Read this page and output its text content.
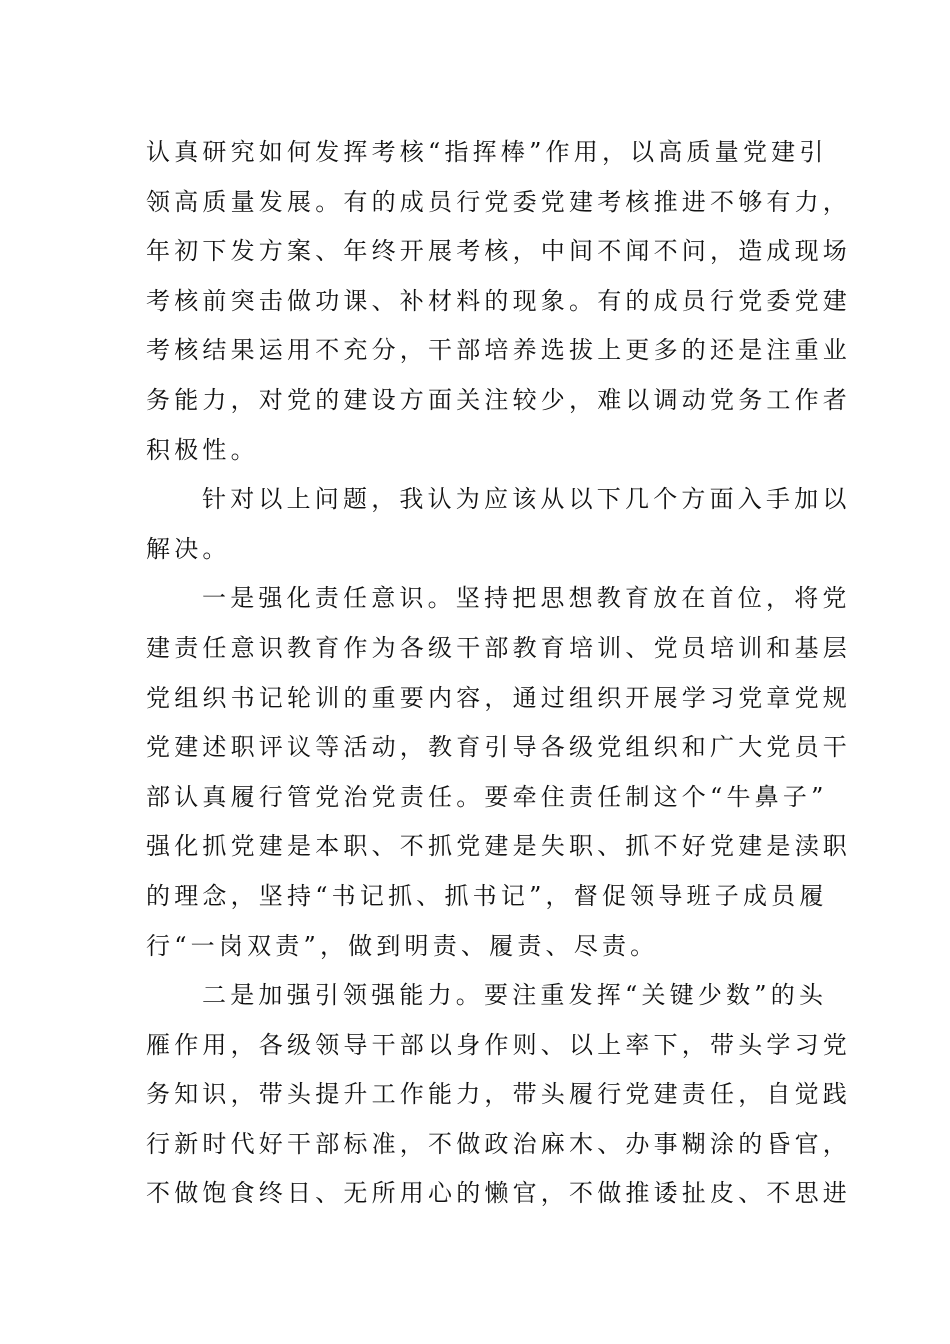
认真研究如何发挥考核“指挥棒”作用，以高质量党建引
领高质量发展。有的成员行党委党建考核推进不够有力，
年初下发方案、年终开展考核，中间不闻不问，造成现场
考核前突击做功课、补材料的现象。有的成员行党委党建
考核结果运用不充分，干部培养选拔上更多的还是注重业
务能力，对党的建设方面关注较少，难以调动党务工作者
积极性。
针对以上问题，我认为应该从以下几个方面入手加以
解决。
一是强化责任意识。坚持把思想教育放在首位，将党
建责任意识教育作为各级干部教育培训、党员培训和基层
党组织书记轮训的重要内容，通过组织开展学习党章党规
党建述职评议等活动，教育引导各级党组织和广大党员干
部认真履行管党治党责任。要牵住责任制这个“牛鼻子”
强化抓党建是本职、不抓党建是失职、抓不好党建是渎职
的理念，坚持“书记抓、抓书记”，督促领导班子成员履
行“一岗双责”，做到明责、履责、尽责。
二是加强引领强能力。要注重发挥“关键少数”的头
雁作用，各级领导干部以身作则、以上率下，带头学习党
务知识，带头提升工作能力，带头履行党建责任，自觉践
行新时代好干部标准，不做政治麻木、办事糊涂的昏官，
不做饱食终日、无所用心的懒官，不做推诿扯皮、不思进
